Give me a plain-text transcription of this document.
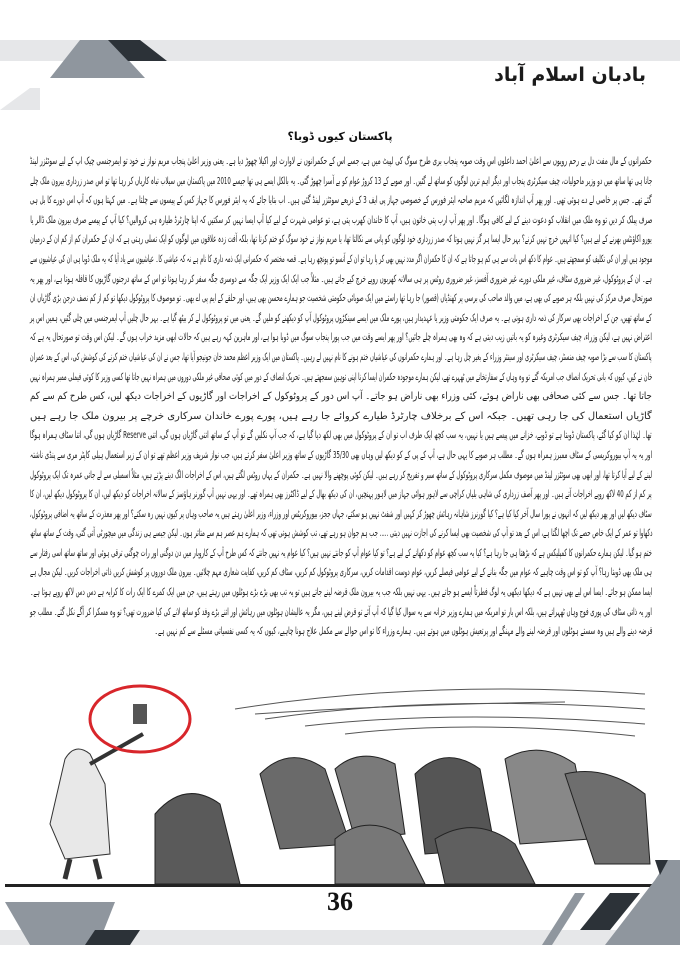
بادبان اسلام آباد
پاکستان کیوں ڈوبا؟
حکمرانوں کے مال مفت دل بے رحم رویوں سے اعلیٰ احمد داعلوں اس وقت صوبہ پنجاب بری طرح سوگ کی لپیٹ میں ہے، جسے اس کے حکمرانوں نے لاوارث اور اکیلا چھوڑ دیا ہے۔ یعنی وزیر اعلیٰ پنجاب مریم نواز نے خود تو ایمرجنسی چیک اپ کے لیے سوئٹزر لینڈ
جانا ہی تھا ساتھ میں دو وزیر ماحولیات، چیف سیکرٹری پنجاب اور دیگر اہم ترین لوگوں کو ساتھ لے گئیں۔ اور صوبے کے 13 کروڑ عوام کو بے آسرا چھوڑ گئی۔ یہ بالکل ایسے ہی تھا جیسے 2010 میں پاکستان میں سیلاب تباہ کاریاں کر رہا تھا تو اس صدر زرداری بیرون ملک چلے
گئے تھے۔ جس پر خاصی لے دے ہوئی تھی۔ اور پھر آپ اندازہ لگائیں کہ مریم صاحبہ ایئر فورس کے خصوصی جہاز پی ایف 3 کے ذریعے سوئٹزر لینڈ گئی ہیں۔ اب بتایا جائے کہ یہ ایئر فورس کا جہاز کس کے پیسوں سے چلتا ہے۔ میں کہتا ہوں کہ آپ اس دورے کا بل ہی
صرف پبلک کر دیں تو وہ ملک میں انقلاب کو دعوت دینے کے لیے کافی ہوگا۔ اور پھر آپ ارب پتی خاتون ہیں، آپ کا خاندان کھرب پتی ہے، تو عوامی شہرت کے لیے کیا آپ ایسا نہیں کر سکتیں کہ اپنا چارٹرڈ طیارہ ہی کروالیں؟ کیا آپ کے پیسے صرف بیرون ملک ڈالر یا
یورو اکاؤنٹس بھرنے کے لیے ہیں؟ کیا انہیں خرچ نہیں کرنے؟ بہر حال ایسا ہر گز نہیں ہوتا کہ صدر زرداری خود لوگوں کو پانی سے نکالتا تھا، یا مریم نواز نے خود سوگ کو ختم کرنا تھا، بلکہ آفت زدہ علاقوں میں لوگوں کو ایک تسلی رہتی ہے کہ ان کے حکمران کم از کم ان کے درمیان
موجود ہیں اور ان کی تکلیف کو سمجھتے ہیں۔ عوام کا دکھ اس بات سے ہی کم ہو جاتا ہے کہ ان کا حکمران اگر مدد نہیں بھی کر پا رہا تو ان کے آنسو تو پونچھ رہا ہے۔ قصہ مختصر کہ حکمرانی ایک ذمہ داری کا نام ہے نہ کہ عیاشی کا۔ عیاشیوں سے یاد آیا کہ یہ ملک ڈوبا ہی ان کی عیاشیوں سے
ہے۔ ان کے پروٹوکول، غیر ضروری سٹاف، غیر ملکی دورے، غیر ضروری آفسز، غیر ضروری روٹس پر ہی سالانہ کھربوں روپے خرچ کیے جاتے ہیں۔ مثلاً جب ایک ایک وزیر ایک جگہ سے دوسری جگہ سفر کر رہا ہوتا تو اس کے ساتھ درجنوں گاڑیوں کا قافلہ ہوتا ہے، اور پھر یہ
صورتحال صرف مرکز کی نہیں بلکہ ہر صوبے کی بھی ہے، میں والد صاحب کی برسی پر کھنڈیاں (قصور) جا رہا تھا راستے میں ایک صوبائی حکومتی شخصیت جو ہمارے محسن بھی ہیں، اور حلقے کے ایم پی اے بھی۔ تو موصوف کا پروٹوکول دیکھا تو کم از کم نصف درجن بڑی گاڑیاں ان
کے ساتھ تھیں، جن کے اخراجات بھی سرکار کی ذمہ داری ہوتی ہے۔ یہ صرف ایک حکومتی وزیر یا عہدیدار ہیں، پورے ملک میں ایسے سینکڑوں پروٹوکول آپ کو دیکھنے کو ملیں گے۔ یعنی میں تو پروٹوکول لے کر بیٹھ گیا ہے۔ بہر حال چلیں آپ ایمرجنسی میں چلی گئیں، ہمیں اس پر
اعتراض نہیں ہے، لیکن وزراء، چیف سیکرٹری وغیرہ کو یہ باتیں زیب دیتی ہے کہ وہ بھی ہمراہ چلے جائیں؟ اور پھر ایسے وقت میں جب پورا پنجاب سوگ میں ڈوبا ہوا ہے، اور ماہرین کہہ رہے ہیں کہ حالات ابھی مزید خراب ہوں گے۔ لیکن اس وقت تو صورتحال یہ ہے کہ
پاکستان کا سب سے بڑا صوبہ چیف منسٹر، چیف سیکرٹری اور سینئر وزراء کے بغیر چل رہا ہے۔ اور ہمارے حکمرانوں کی عیاشیاں ختم ہونے کا نام نہیں لے رہیں۔ پاکستان میں ایک وزیر اعظم محمد خان جونیجو آیا تھا، جس نے ان کی عیاشیاں ختم کرنے کی کوشش کی، اس کے بعد عمران
خان نے کیں، کیوں کہ بانی تحریک انصاف جب امریکہ گئے تو وہ وہاں کے سفارتخانے میں ٹھہرے تھے، لیکن ہمارے موجودہ حکمران ایسا کرنا اپنی توہین سمجھتے ہیں۔ تحریک انصاف کے دور میں کوئی صحافی غیر ملکی دوروں میں ہمراہ نہیں جاتا تھا کسی وزیر کا کوئی فیملی ممبر ہمراہ نہیں
جاتا تھا۔ جس سے کئی صحافی بھی ناراض ہوئے، کئی وزراء بھی ناراض ہو جاتے۔ آپ اس دور کے پروٹوکول کے اخراجات اور گاڑیوں کے اخراجات دیکھ لیں، کس طرح کم سے کم
گاڑیاں استعمال کی جا رہی تھیں۔ جبکہ اس کے برخلاف چارٹرڈ طیارے کروائے جا رہے ہیں، پورے پورے خاندان سرکاری خرچے پر بیرون ملک جا رہے ہیں
تھا۔ لہٰذا ان کو کیا گئے، پاکستان ڈوبتا ہے تو ڈوبے، خزانے میں پیسے ہیں یا نہیں، یہ سب کچھ ایک طرف اب تو ان کے پروٹوکول میں بھی لکھ دیا گیا ہے، کہ جب آپ نکلیں گے تو آپ کے ساتھ اتنی گاڑیاں ہوں گی، اتنی Reserve گاڑیاں ہوں گی، اتنا سٹاف ہمراہ ہوگا
اور یہ یہ آپ بیوروکریسی کے سٹاف ممبرز ہمراہ ہوں گے۔ مطلب ہر صوبے کا یہی حال ہے، آپ کے پی کے کو دیکھ لیں وہاں بھی 35/30 گاڑیوں کے ساتھ وزیر اعلیٰ سفر کرتے ہیں، جب نواز شریف وزیر اعظم تھے تو ان کے زیر استعمال ہیلی کاپٹر مری سے پنڈی ناشتہ
لینے کے لیے آیا کرتا تھا، اور ابھی بھی سوئٹزر لینڈ میں موصوف مکمل سرکاری پروٹوکول کے ساتھ سیر و تفریح کر رہے ہیں۔ لیکن کوئی پوچھنے والا نہیں ہے۔ حکمران کے یہاں روٹس لگتے ہیں، اس کے اخراجات الگ دینے پڑتے ہیں، مثلاً اسمبلی سے لے جاتی عمرہ تک ایک پروٹوکول
پر کم از کم 40 لاکھ روپے اخراجات آتے ہیں۔ اور پھر آصف زرداری کی شاہی بلیاں کراچی سے لاہور ہوائی جہاز میں لاہور پہنچیں، ان کی دیکھ بھال کے لیے ڈاکٹرز بھی ہمراہ تھے۔ اور یہی نہیں آپ گورنر ہاؤسز کے سالانہ اخراجات کو دیکھ لیں، ان کا پروٹوکول دیکھ لیں، ان کا
سٹاف دیکھ لیں اور پھر دیکھ لیں کہ انہوں نے پورا سال آخر کیا کیا ہے؟ کیا گورنرز شاہانہ رہائش چھوڑ کر کہیں اور شفٹ نہیں ہو سکتے، جہاں ججز، بیوروکریٹس اور وزراء، وزیر اعلیٰ رہتے ہیں یہ صاحب وہاں پر کیوں نہیں رہ سکتے؟ اور پھر معذرت کے ساتھ یہ اضافی پروٹوکول،
دکھاوا تو عمر کے ایک خاص حصے تک اچھا لگتا ہے، اس کے بعد تو آپ کی شخصیت بھی ایسا کرنے کی اجازت نہیں دیتی ..... جب ہم جوان ہو رہے تھے، تب کوشش ہوتی تھی کہ ہمارے ہم عصر ہم سے متاثر ہوں۔ لیکن جیسے ہی زندگی میں میچورٹی آتی گئی، وقت کے ساتھ ساتھ
ختم ہو گیا۔ لیکن ہمارے حکمرانوں کا کمپلیکس ہے کہ بڑھتا ہی جا رہا ہے؟ کیا یہ سب کچھ عوام کو دکھانے کے لیے ہے؟ تو کیا عوام آپ کو جانتے نہیں ہیں؟ کیا عوام یہ نہیں جانتے کہ کس طرح آپ کے کاروبار میں دن دوگنی اور رات چوگنی ترقی ہوئی اور ساتھ ساتھ اسی رفتار سے
ہی ملک بھی ڈوبتا رہا؟ آپ کو تو اس وقت چاہیے کہ عوام میں جگہ بنانے کے لیے عوامی فیصلے کریں، عوام دوست اقدامات کریں، سرکاری پروٹوکول کم کریں، سٹاف کم کریں، کفایت شعاری مہم چلائیں۔ بیرون ملک دوروں پر کوشش کریں ذاتی اخراجات کریں۔ لیکن مجال ہے
ایسا ممکن ہو جائے۔ ایسا اس لیے بھی نہیں ہے کہ دیکھا دیکھی یہ لوگ فطرتاً ایسے ہو جاتے ہیں۔ یہی نہیں بلکہ جب یہ بیرون ملک قرضہ لینے جاتے ہیں تو یہ تب بھی بڑے بڑے ہوٹلوں میں رہتے ہیں، جن میں ایک کمرے کا ایک رات کا کرایہ ہے دس دس لاکھ روپے ہوتا ہے۔
اور یہ ذاتی سٹاف کی پوری فوج وہاں ٹھہراتے ہیں، بلکہ اس بار تو امریکہ میں ہمارے وزیر خزانہ سے یہ سوال کیا گیا کہ آپ آئے تو قرض لینے ہیں، مگر یہ عالیشان ہوٹلوں میں رہائش اور اتنے بڑے وفد کو ساتھ لانے کی کیا ضرورت تھی؟ تو وہ مسکرا کر آگے نکل گئے۔ مطلب جو
قرضہ دینے والے ہیں وہ سستے ہوٹلوں اور قرضہ لینے والے مہنگے اور پرتعیش ہوٹلوں میں ہوتے ہیں۔ ہمارے وزراء کا تو اس حوالے سے مکمل علاج ہونا چاہیے، کیوں کہ یہ کسی نفسیاتی مسئلے سے کم نہیں ہے۔
36
